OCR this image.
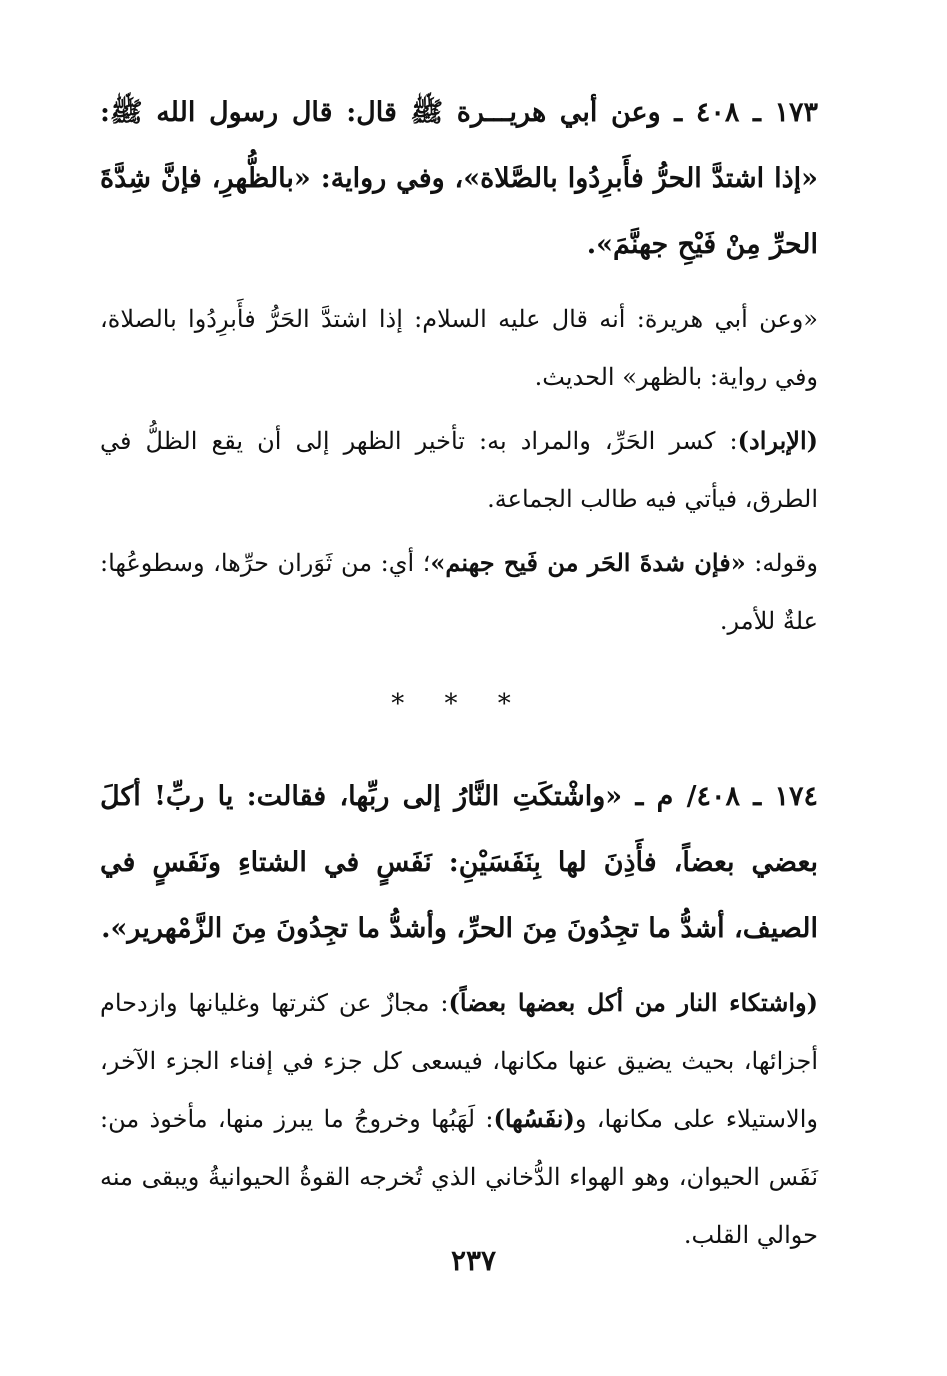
١٧٣ ـ ٤٠٨ ـ وعن أبي هريـــرة ﷺ قال: قال رسول الله ﷺ: «إذا اشتدَّ الحرُّ فأَبرِدُوا بالصَّلاة»، وفي رواية: «بالظُّهرِ، فإنَّ شِدَّةَ الحرِّ مِنْ فَيْحِ جهنَّمَ».

«وعن أبي هريرة: أنه قال عليه السلام: إذا اشتدَّ الحَرُّ فأَبرِدُوا بالصلاة، وفي رواية: بالظهر» الحديث.

(الإبراد): كسر الحَرِّ، والمراد به: تأخير الظهر إلى أن يقع الظلُّ في الطرق، فيأتي فيه طالب الجماعة.

وقوله: «فإن شدةَ الحَر من فَيح جهنم»؛ أي: من ثَوَران حرِّها، وسطوعُها: علةٌ للأمر.

* * *

١٧٤ ـ ٤٠٨/ م ـ «واشْتكَتِ النَّارُ إلى ربِّها، فقالت: يا ربِّ! أكلَ بعضي بعضاً، فأَذِنَ لها بِنَفَسَيْنِ: نَفَسٍ في الشتاءِ ونَفَسٍ في الصيف، أشدُّ ما تجِدُونَ مِنَ الحرِّ، وأشدُّ ما تجِدُونَ مِنَ الزَّمْهرير».

(واشتكاء النار من أكل بعضها بعضاً): مجازٌ عن كثرتها وغليانها وازدحام أجزائها، بحيث يضيق عنها مكانها، فيسعى كل جزء في إفناء الجزء الآخر، والاستيلاء على مكانها، و(نفَسُها): لَهَبُها وخروجُ ما يبرز منها، مأخوذ من: نَفَس الحيوان، وهو الهواء الدُّخاني الذي تُخرجه القوةُ الحيوانيةُ ويبقى منه حوالي القلب.

٢٣٧
